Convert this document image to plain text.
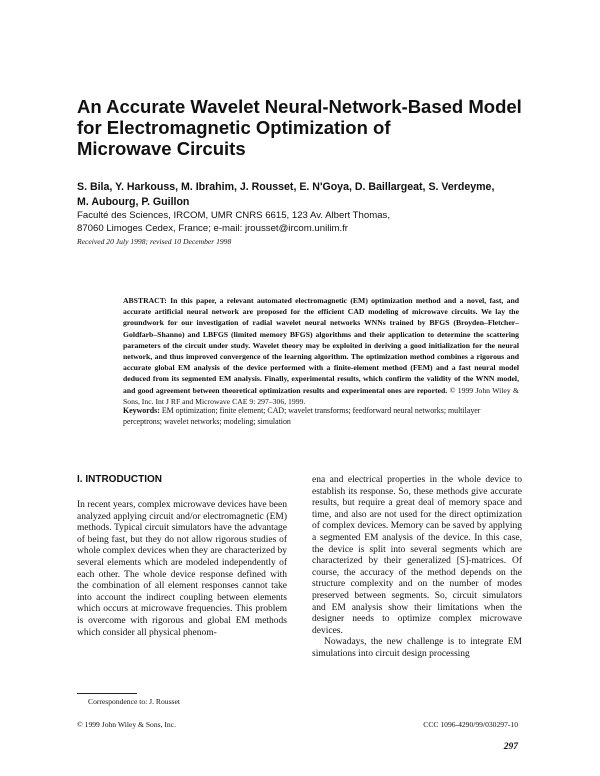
An Accurate Wavelet Neural-Network-Based Model
for Electromagnetic Optimization of
Microwave Circuits
S. Bila, Y. Harkouss, M. Ibrahim, J. Rousset, E. N'Goya, D. Baillargeat, S. Verdeyme,
M. Aubourg, P. Guillon
Faculté des Sciences, IRCOM, UMR CNRS 6615, 123 Av. Albert Thomas,
87060 Limoges Cedex, France; e-mail: jrousset@ircom.unilim.fr
Received 20 July 1998; revised 10 December 1998
ABSTRACT: In this paper, a relevant automated electromagnetic (EM) optimization method and a novel, fast, and accurate artificial neural network are proposed for the efficient CAD modeling of microwave circuits. We lay the groundwork for our investigation of radial wavelet neural networks WNNs trained by BFGS (Broyden–Fletcher–Goldfarb–Shanno) and LBFGS (limited memory BFGS) algorithms and their application to determine the scattering parameters of the circuit under study. Wavelet theory may be exploited in deriving a good initialization for the neural network, and thus improved convergence of the learning algorithm. The optimization method combines a rigorous and accurate global EM analysis of the device performed with a finite-element method (FEM) and a fast neural model deduced from its segmented EM analysis. Finally, experimental results, which confirm the validity of the WNN model, and good agreement between theoretical optimization results and experimental ones are reported. © 1999 John Wiley & Sons, Inc. Int J RF and Microwave CAE 9: 297–306, 1999.
Keywords: EM optimization; finite element; CAD; wavelet transforms; feedforward neural networks; multilayer perceptrons; wavelet networks; modeling; simulation
I. INTRODUCTION
In recent years, complex microwave devices have been analyzed applying circuit and/or electromagnetic (EM) methods. Typical circuit simulators have the advantage of being fast, but they do not allow rigorous studies of whole complex devices when they are characterized by several elements which are modeled independently of each other. The whole device response defined with the combination of all element responses cannot take into account the indirect coupling between elements which occurs at microwave frequencies. This problem is overcome with rigorous and global EM methods which consider all physical phenom-

ena and electrical properties in the whole device to establish its response. So, these methods give accurate results, but require a great deal of memory space and time, and also are not used for the direct optimization of complex devices. Memory can be saved by applying a segmented EM analysis of the device. In this case, the device is split into several segments which are characterized by their generalized [S]-matrices. Of course, the accuracy of the method depends on the structure complexity and on the number of modes preserved between segments. So, circuit simulators and EM analysis show their limitations when the designer needs to optimize complex microwave devices.

Nowadays, the new challenge is to integrate EM simulations into circuit design processing

Correspondence to: J. Rousset
© 1999 John Wiley & Sons, Inc.	CCC 1096-4290/99/030297-10
297
